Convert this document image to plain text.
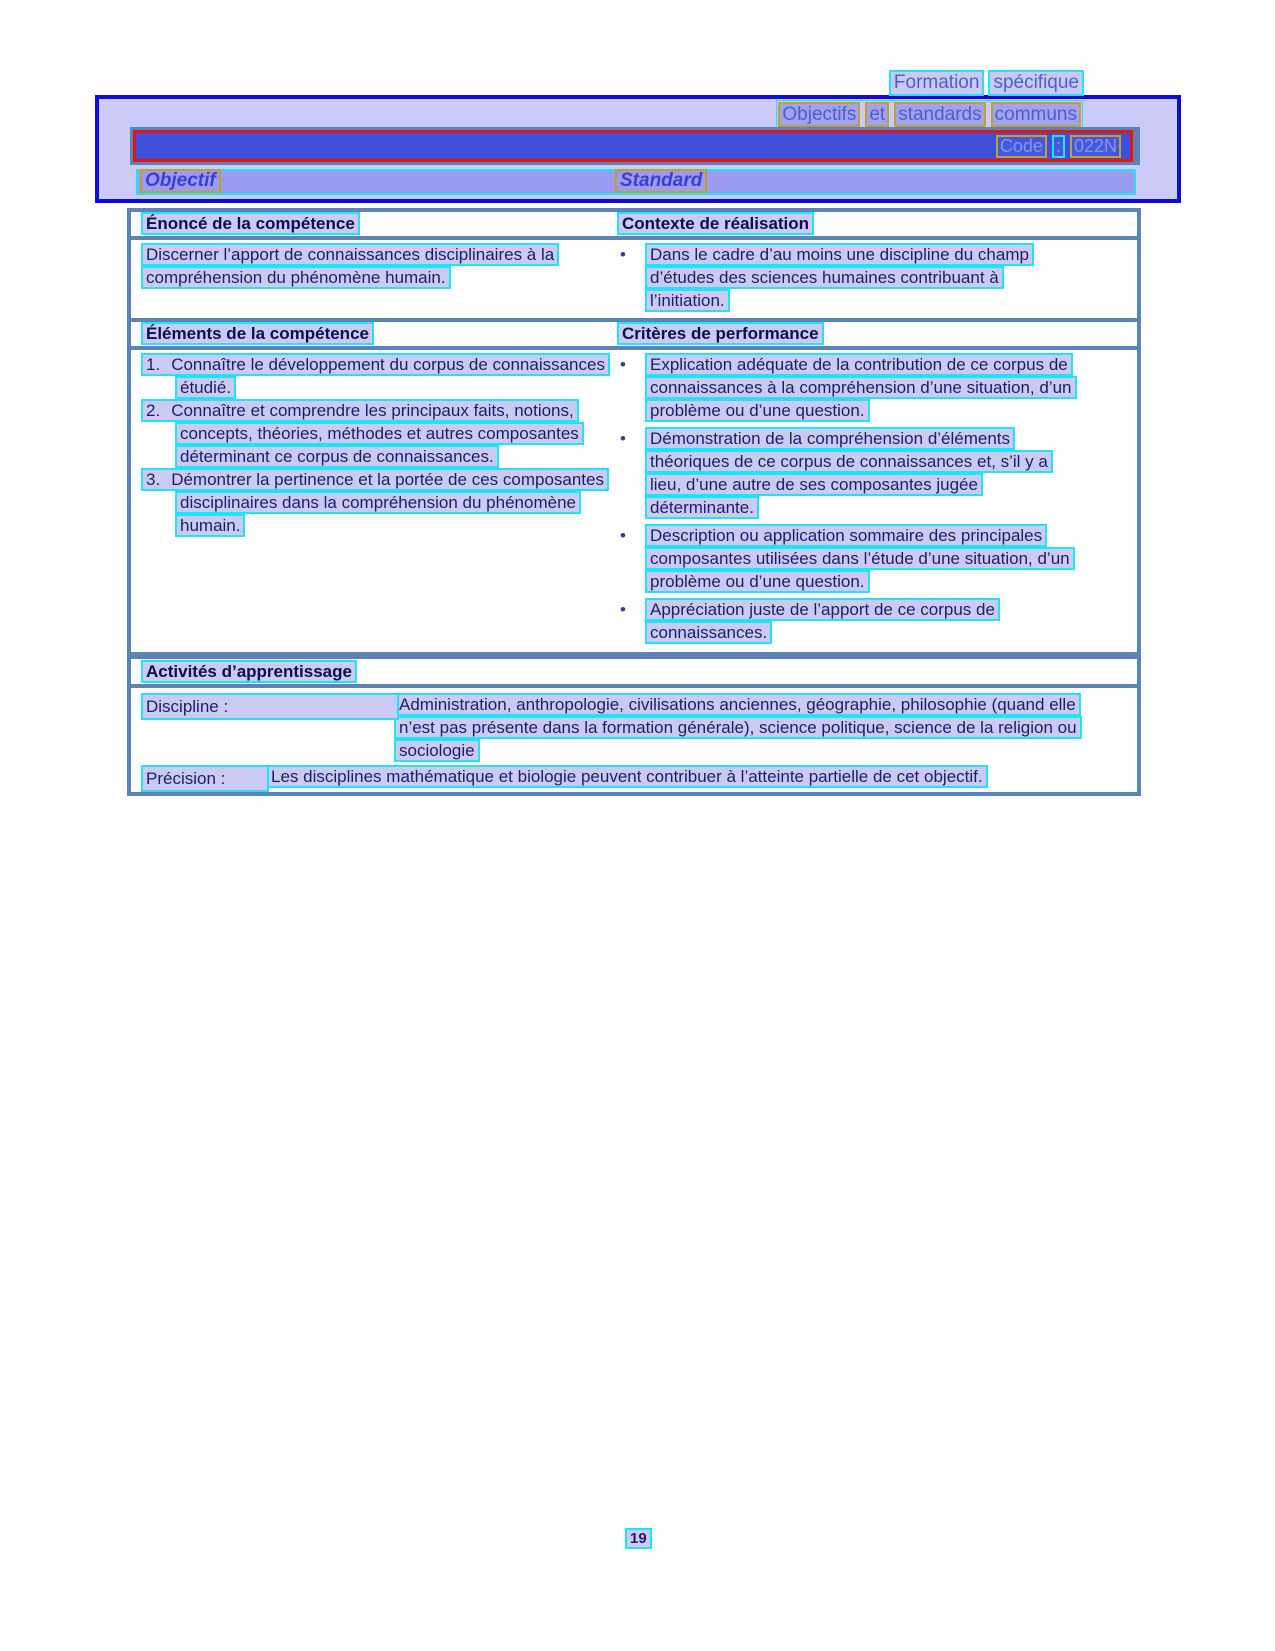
Formation spécifique
Objectifs et standards communs
Code : 022N
Objectif	Standard
Énoncé de la compétence	Contexte de réalisation
Discerner l’apport de connaissances disciplinaires à la compréhension du phénomène humain.
•	Dans le cadre d’au moins une discipline du champ d’études des sciences humaines contribuant à l’initiation.
Éléments de la compétence	Critères de performance
1. Connaître le développement du corpus de connaissances étudié.
2. Connaître et comprendre les principaux faits, notions, concepts, théories, méthodes et autres composantes déterminant ce corpus de connaissances.
3. Démontrer la pertinence et la portée de ces composantes disciplinaires dans la compréhension du phénomène humain.
•	Explication adéquate de la contribution de ce corpus de connaissances à la compréhension d’une situation, d’un problème ou d’une question.
•	Démonstration de la compréhension d’éléments théoriques de ce corpus de connaissances et, s’il y a lieu, d’une autre de ses composantes jugée déterminante.
•	Description ou application sommaire des principales composantes utilisées dans l’étude d’une situation, d’un problème ou d’une question.
•	Appréciation juste de l’apport de ce corpus de connaissances.
Activités d’apprentissage
Discipline :	Administration, anthropologie, civilisations anciennes, géographie, philosophie (quand elle n’est pas présente dans la formation générale), science politique, science de la religion ou sociologie
Précision :	Les disciplines mathématique et biologie peuvent contribuer à l’atteinte partielle de cet objectif.
19
